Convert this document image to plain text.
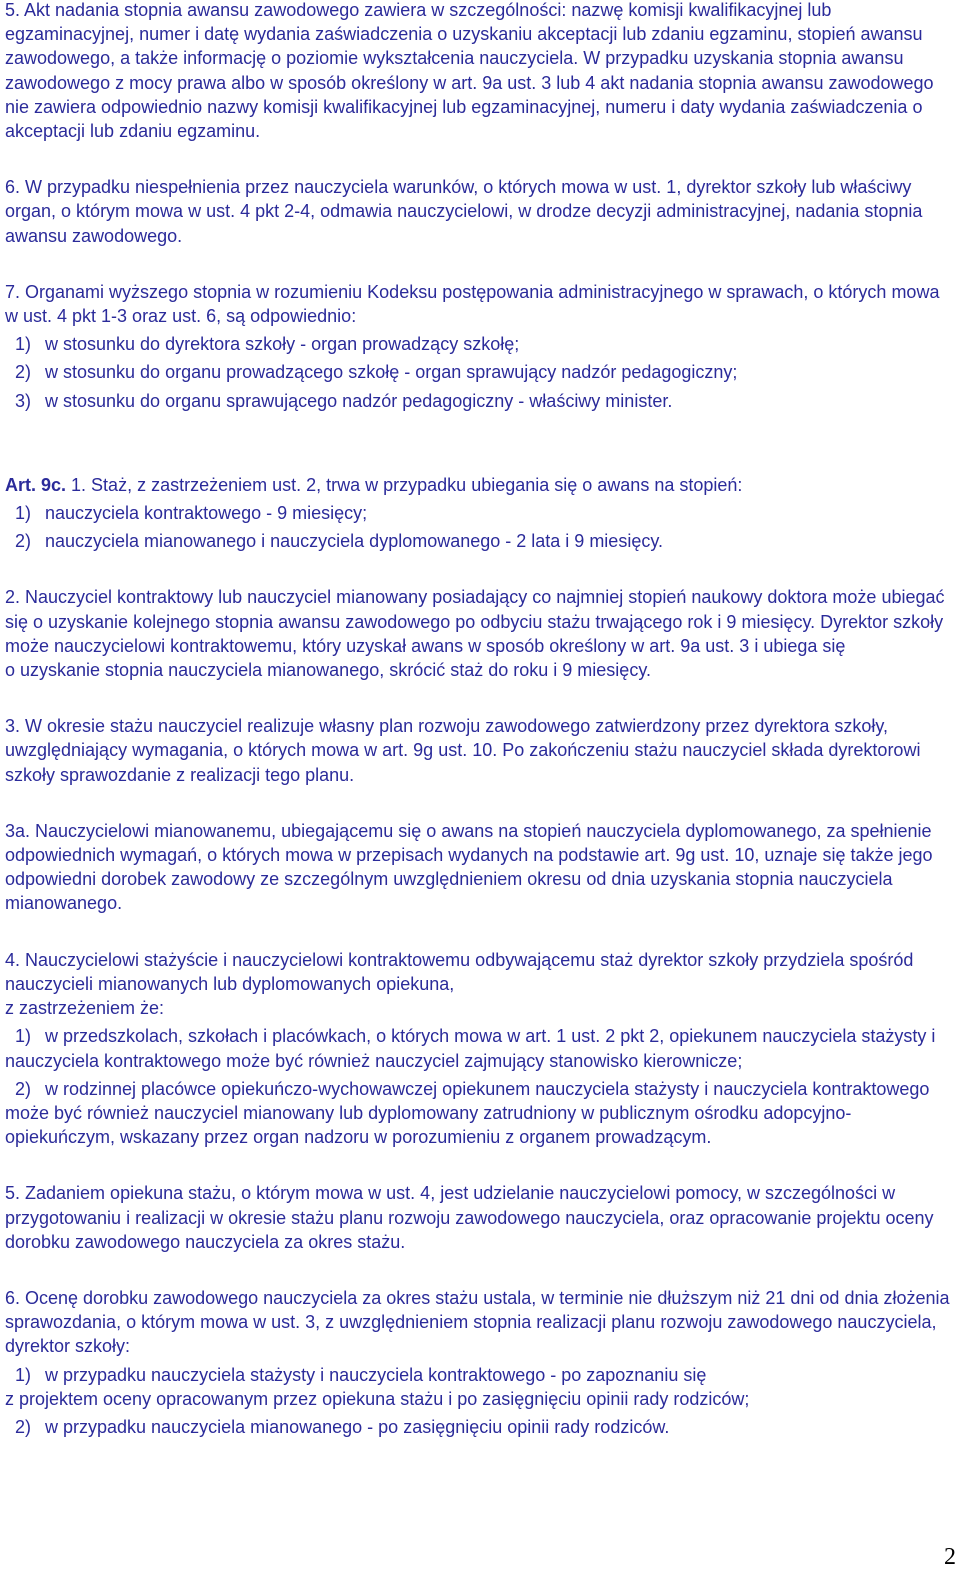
5. Akt nadania stopnia awansu zawodowego zawiera w szczególności: nazwę komisji kwalifikacyjnej lub egzaminacyjnej, numer i datę wydania zaświadczenia o uzyskaniu akceptacji lub zdaniu egzaminu, stopień awansu zawodowego, a także informację o poziomie wykształcenia nauczyciela. W przypadku uzyskania stopnia awansu zawodowego z mocy prawa albo w sposób określony w art. 9a ust. 3 lub 4 akt nadania stopnia awansu zawodowego nie zawiera odpowiednio nazwy komisji kwalifikacyjnej lub egzaminacyjnej, numeru i daty wydania zaświadczenia o akceptacji lub zdaniu egzaminu.

6. W przypadku niespełnienia przez nauczyciela warunków, o których mowa w ust. 1, dyrektor szkoły lub właściwy organ, o którym mowa w ust. 4 pkt 2-4, odmawia nauczycielowi, w drodze decyzji administracyjnej, nadania stopnia awansu zawodowego.

7. Organami wyższego stopnia w rozumieniu Kodeksu postępowania administracyjnego w sprawach, o których mowa w ust. 4 pkt 1-3 oraz ust. 6, są odpowiednio:

1) w stosunku do dyrektora szkoły - organ prowadzący szkołę;

2) w stosunku do organu prowadzącego szkołę - organ sprawujący nadzór pedagogiczny;

3) w stosunku do organu sprawującego nadzór pedagogiczny - właściwy minister.

Art. 9c. 1. Staż, z zastrzeżeniem ust. 2, trwa w przypadku ubiegania się o awans na stopień:

1) nauczyciela kontraktowego - 9 miesięcy;

2) nauczyciela mianowanego i nauczyciela dyplomowanego - 2 lata i 9 miesięcy.

2. Nauczyciel kontraktowy lub nauczyciel mianowany posiadający co najmniej stopień naukowy doktora może ubiegać się o uzyskanie kolejnego stopnia awansu zawodowego po odbyciu stażu trwającego rok i 9 miesięcy. Dyrektor szkoły może nauczycielowi kontraktowemu, który uzyskał awans w sposób określony w art. 9a ust. 3 i ubiega się

o uzyskanie stopnia nauczyciela mianowanego, skrócić staż do roku i 9 miesięcy.

3. W okresie stażu nauczyciel realizuje własny plan rozwoju zawodowego zatwierdzony przez dyrektora szkoły, uwzględniający wymagania, o których mowa w art. 9g ust. 10. Po zakończeniu stażu nauczyciel składa dyrektorowi szkoły sprawozdanie z realizacji tego planu.

3a. Nauczycielowi mianowanemu, ubiegającemu się o awans na stopień nauczyciela dyplomowanego, za spełnienie odpowiednich wymagań, o których mowa w przepisach wydanych na podstawie art. 9g ust. 10, uznaje się także jego odpowiedni dorobek zawodowy ze szczególnym uwzględnieniem okresu od dnia uzyskania stopnia nauczyciela mianowanego.

4. Nauczycielowi stażyście i nauczycielowi kontraktowemu odbywającemu staż dyrektor szkoły przydziela spośród nauczycieli mianowanych lub dyplomowanych opiekuna,

z zastrzeżeniem że:

1) w przedszkolach, szkołach i placówkach, o których mowa w art. 1 ust. 2 pkt 2, opiekunem nauczyciela stażysty i nauczyciela kontraktowego może być również nauczyciel zajmujący stanowisko kierownicze;

2) w rodzinnej placówce opiekuńczo-wychowawczej opiekunem nauczyciela stażysty i nauczyciela kontraktowego może być również nauczyciel mianowany lub dyplomowany zatrudniony w publicznym ośrodku adopcyjno-opiekuńczym, wskazany przez organ nadzoru w porozumieniu z organem prowadzącym.

5. Zadaniem opiekuna stażu, o którym mowa w ust. 4, jest udzielanie nauczycielowi pomocy, w szczególności w przygotowaniu i realizacji w okresie stażu planu rozwoju zawodowego nauczyciela, oraz opracowanie projektu oceny dorobku zawodowego nauczyciela za okres stażu.

6. Ocenę dorobku zawodowego nauczyciela za okres stażu ustala, w terminie nie dłuższym niż 21 dni od dnia złożenia sprawozdania, o którym mowa w ust. 3, z uwzględnieniem stopnia realizacji planu rozwoju zawodowego nauczyciela, dyrektor szkoły:

1) w przypadku nauczyciela stażysty i nauczyciela kontraktowego - po zapoznaniu się

z projektem oceny opracowanym przez opiekuna stażu i po zasięgnięciu opinii rady rodziców;

2) w przypadku nauczyciela mianowanego - po zasięgnięciu opinii rady rodziców.

2
